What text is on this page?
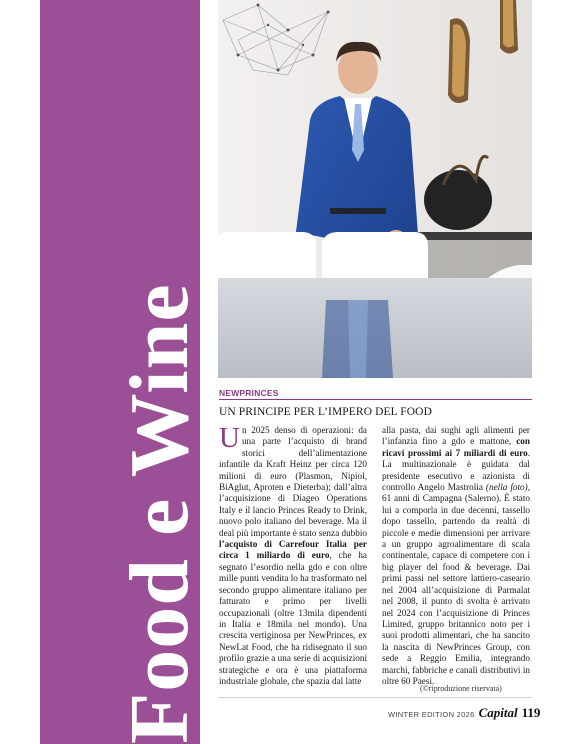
Food e Wine NEWPRINCES
UN PRINCIPE PER L’IMPERO DEL FOOD
Un 2025 denso di operazioni: da una parte l’acquisto di brand storici dell’alimentazione infantile da Kraft Heinz per circa 120 milioni di euro (Plasmon, Nipiol, BiAglut, Aproten e Dieterba); dall’altra l’acquisizione di Diageo Operations Italy e il lancio Princes Ready to Drink, nuovo polo italiano del beverage. Ma il deal più importante è stato senza dubbio l’acquisto di Carrefour Italia per circa 1 miliardo di euro, che ha segnato l’esordio nella gdo e con oltre mille punti vendita lo ha trasformato nel secondo gruppo alimentare italiano per fatturato e primo per livelli occupazionali (oltre 13mila dipendenti in Italia e 18mila nel mondo). Una crescita vertiginosa per NewPrinces, ex NewLat Food, che ha ridisegnato il suo profilo grazie a una serie di acquisizioni strategiche e ora è una piattaforma industriale globale, che spazia dal latte
alla pasta, dai sughi agli alimenti per l’infanzia fino a gdo e mattone, con ricavi prossimi ai 7 miliardi di euro. La multinazionale è guidata dal presidente esecutivo e azionista di controllo Angelo Mastrolia (nella foto), 61 anni di Campagna (Salerno). È stato lui a comporla in due decenni, tassello dopo tassello, partendo da realtà di piccole e medie dimensioni per arrivare a un gruppo agroalimentare di scala continentale, capace di competere con i big player del food & beverage. Dai primi passi nel settore lattiero-caseario nel 2004 all’acquisizione di Parmalat nel 2008, il punto di svolta è arrivato nel 2024 con l’acquisizione di Princes Limited, gruppo britannico noto per i suoi prodotti alimentari, che ha sancito la nascita di NewPrinces Group, con sede a Reggio Emilia, integrando marchi, fabbriche e canali distributivi in oltre 60 Paesi.
(©riproduzione riservata)
WINTER EDITION 2026 Capital 119
